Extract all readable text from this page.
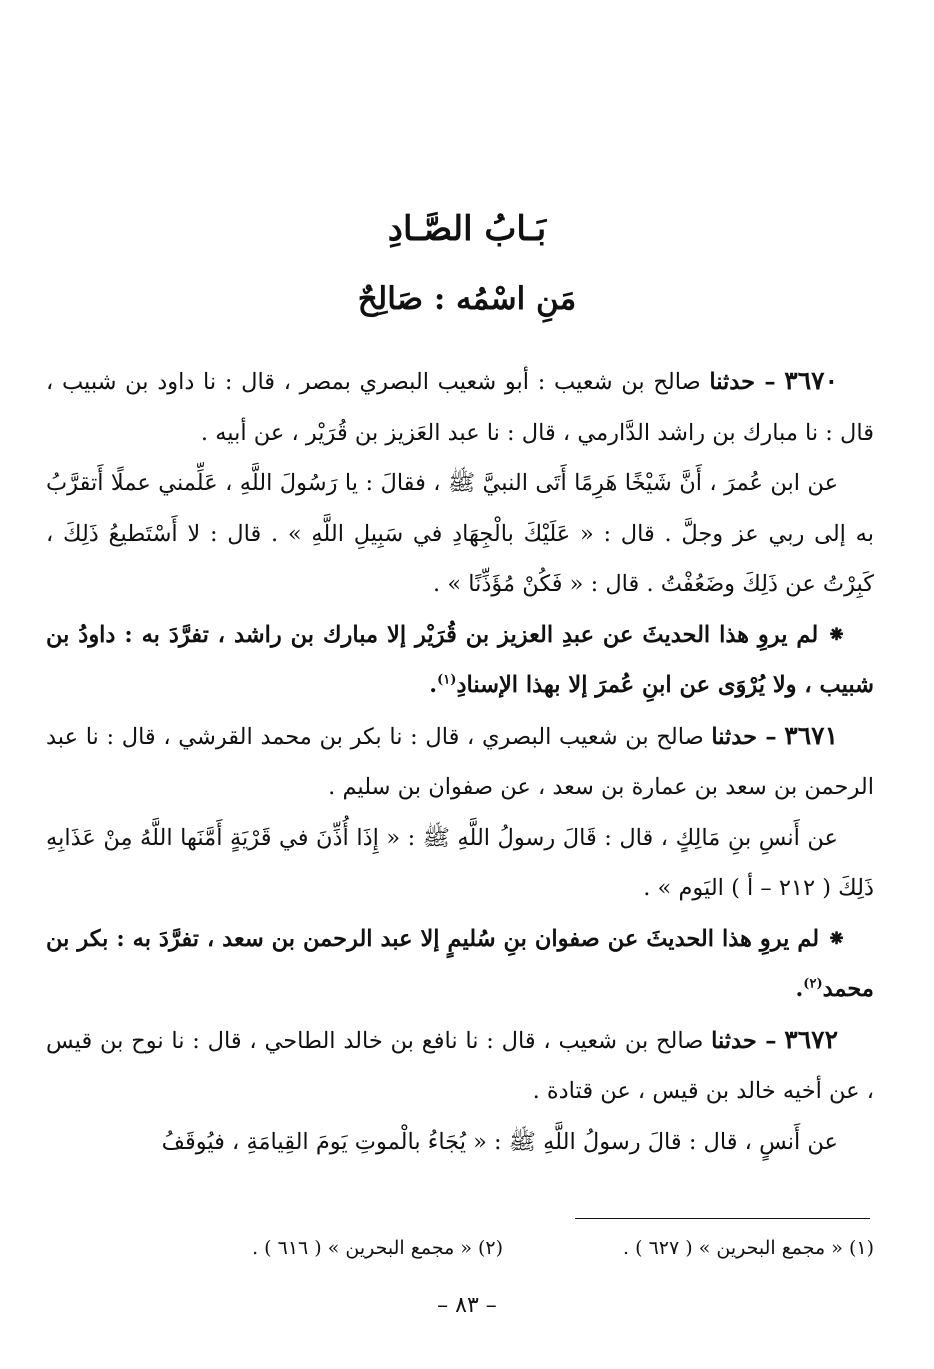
بَـابُ الصَّـادِ
مَنِ اسْمُه : صَالِحٌ

٣٦٧٠ – حدثنا صالح بن شعيب : أبو شعيب البصري بمصر ، قال : نا داود بن شبيب ، قال : نا مبارك بن راشد الدَّارمي ، قال : نا عبد العَزيز بن قُرَيْر ، عن أبيه .

عن ابن عُمرَ ، أَنَّ شَيْخًا هَرِمًا أَتَى النبيَّ ﷺ ، فقالَ : يا رَسُولَ اللَّهِ ، عَلِّمني عملًا أَتقرَّبُ به إلى ربي عز وجلَّ . قال : « عَلَيْكَ بالْجِهَادِ في سَبِيلِ اللَّهِ » . قال : لا أَسْتَطيعُ ذَلِكَ ، كَبِرْتُ عن ذَلِكَ وضَعُفْتُ . قال : « فَكُنْ مُؤَذِّنًا » .

⁕ لم يروِ هذا الحديثَ عن عبدِ العزيز بن قُرَيْر إلا مبارك بن راشد ، تفرَّدَ به : داودُ بن شبيب ، ولا يُرْوَى عن ابنِ عُمرَ إلا بهذا الإسنادِ$^{(١)}$.

٣٦٧١ – حدثنا صالح بن شعيب البصري ، قال : نا بكر بن محمد القرشي ، قال : نا عبد الرحمن بن سعد بن عمارة بن سعد ، عن صفوان بن سليم .

عن أَنسِ بنِ مَالِكٍ ، قال : قَالَ رسولُ اللَّهِ ﷺ : « إِذَا أُذِّنَ في قَرْيَةٍ أَمَّنَها اللَّهُ مِنْ عَذَابِهِ ذَلِكَ ( ٢١٢ – أ ) اليَوم » .

⁕ لم يروِ هذا الحديثَ عن صفوان بنِ سُليمٍ إلا عبد الرحمن بن سعد ، تفرَّدَ به : بكر بن محمد$^{(٢)}$.

٣٦٧٢ – حدثنا صالح بن شعيب ، قال : نا نافع بن خالد الطاحي ، قال : نا نوح بن قيس ، عن أخيه خالد بن قيس ، عن قتادة .

عن أَنسٍ ، قال : قالَ رسولُ اللَّهِ ﷺ : « يُجَاءُ بالْموتِ يَومَ القِيامَةِ ، فيُوقَفُ

(١) « مجمع البحرين » ( ٦٢٧ ) .
(٢) « مجمع البحرين » ( ٦١٦ ) .
– ٨٣ –
